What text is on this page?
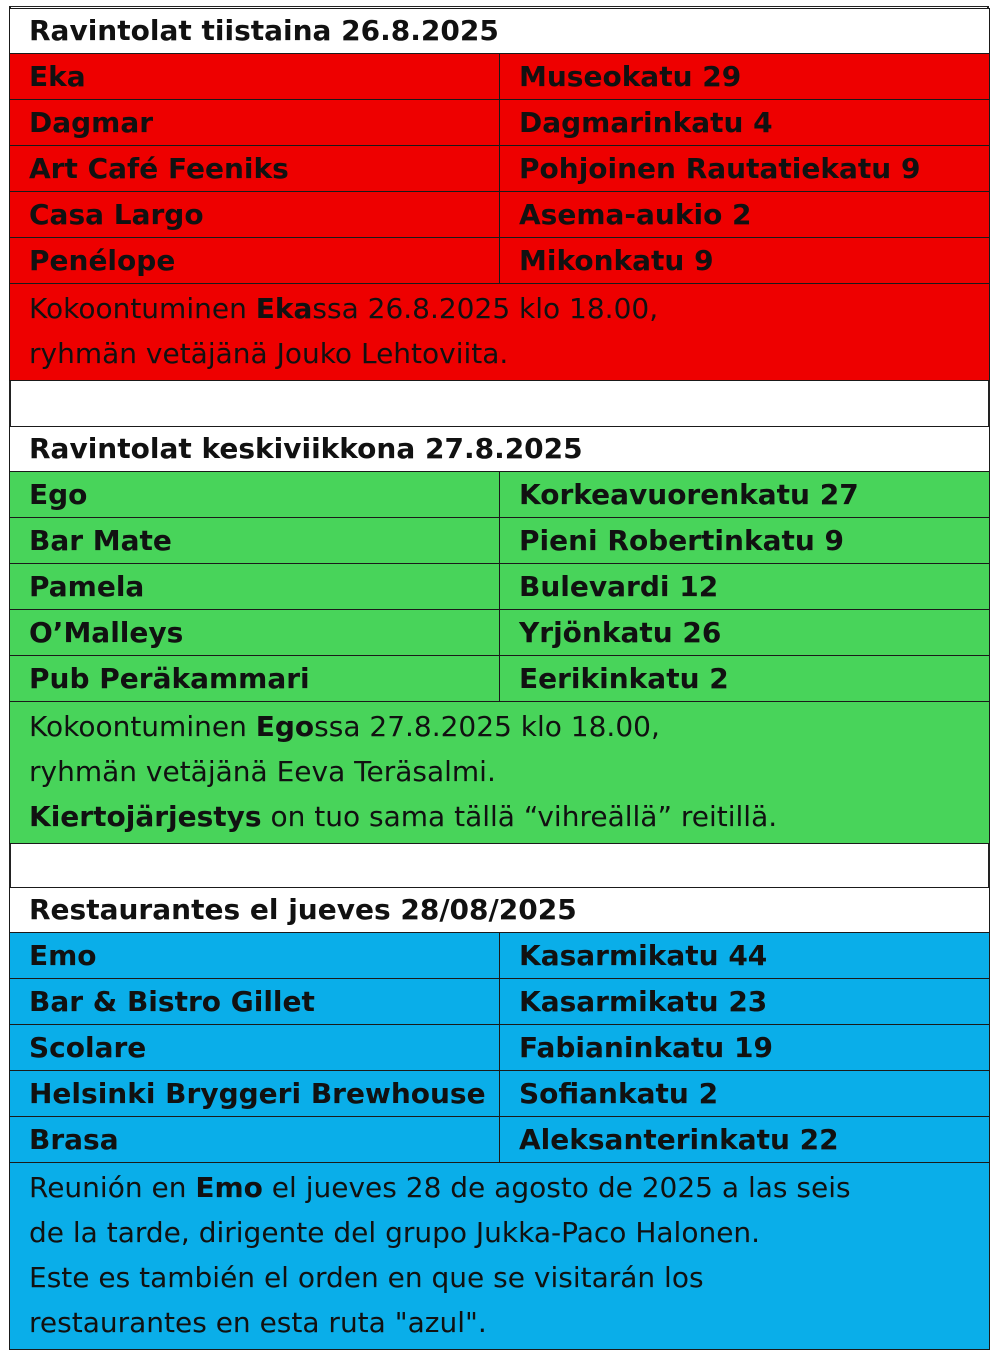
Ravintolat tiistaina 26.8.2025	
Eka	Museokatu 29
Dagmar	Dagmarinkatu 4
Art Café Feeniks	Pohjoinen Rautatiekatu 9
Casa Largo	Asema-aukio 2
Penélope	Mikonkatu 9
Kokoontuminen Ekassa 26.8.2025 klo 18.00,
ryhmän vetäjänä Jouko Lehtoviita.	
Ravintolat keskiviikkona 27.8.2025	
Ego	Korkeavuorenkatu 27
Bar Mate	Pieni Robertinkatu 9
Pamela	Bulevardi 12
O’Malleys	Yrjönkatu 26
Pub Peräkammari	Eerikinkatu 2
Kokoontuminen Egossa 27.8.2025 klo 18.00,
ryhmän vetäjänä Eeva Teräsalmi.
Kiertojärjestys on tuo sama tällä “vihreällä” reitillä.	
Restaurantes el jueves 28/08/2025	
Emo	Kasarmikatu 44
Bar & Bistro Gillet	Kasarmikatu 23
Scolare	Fabianinkatu 19
Helsinki Bryggeri Brewhouse	Sofiankatu 2
Brasa	Aleksanterinkatu 22
Reunión en Emo el jueves 28 de agosto de 2025 a las seis
de la tarde, dirigente del grupo Jukka-Paco Halonen.
Este es también el orden en que se visitarán los
restaurantes en esta ruta "azul".	
